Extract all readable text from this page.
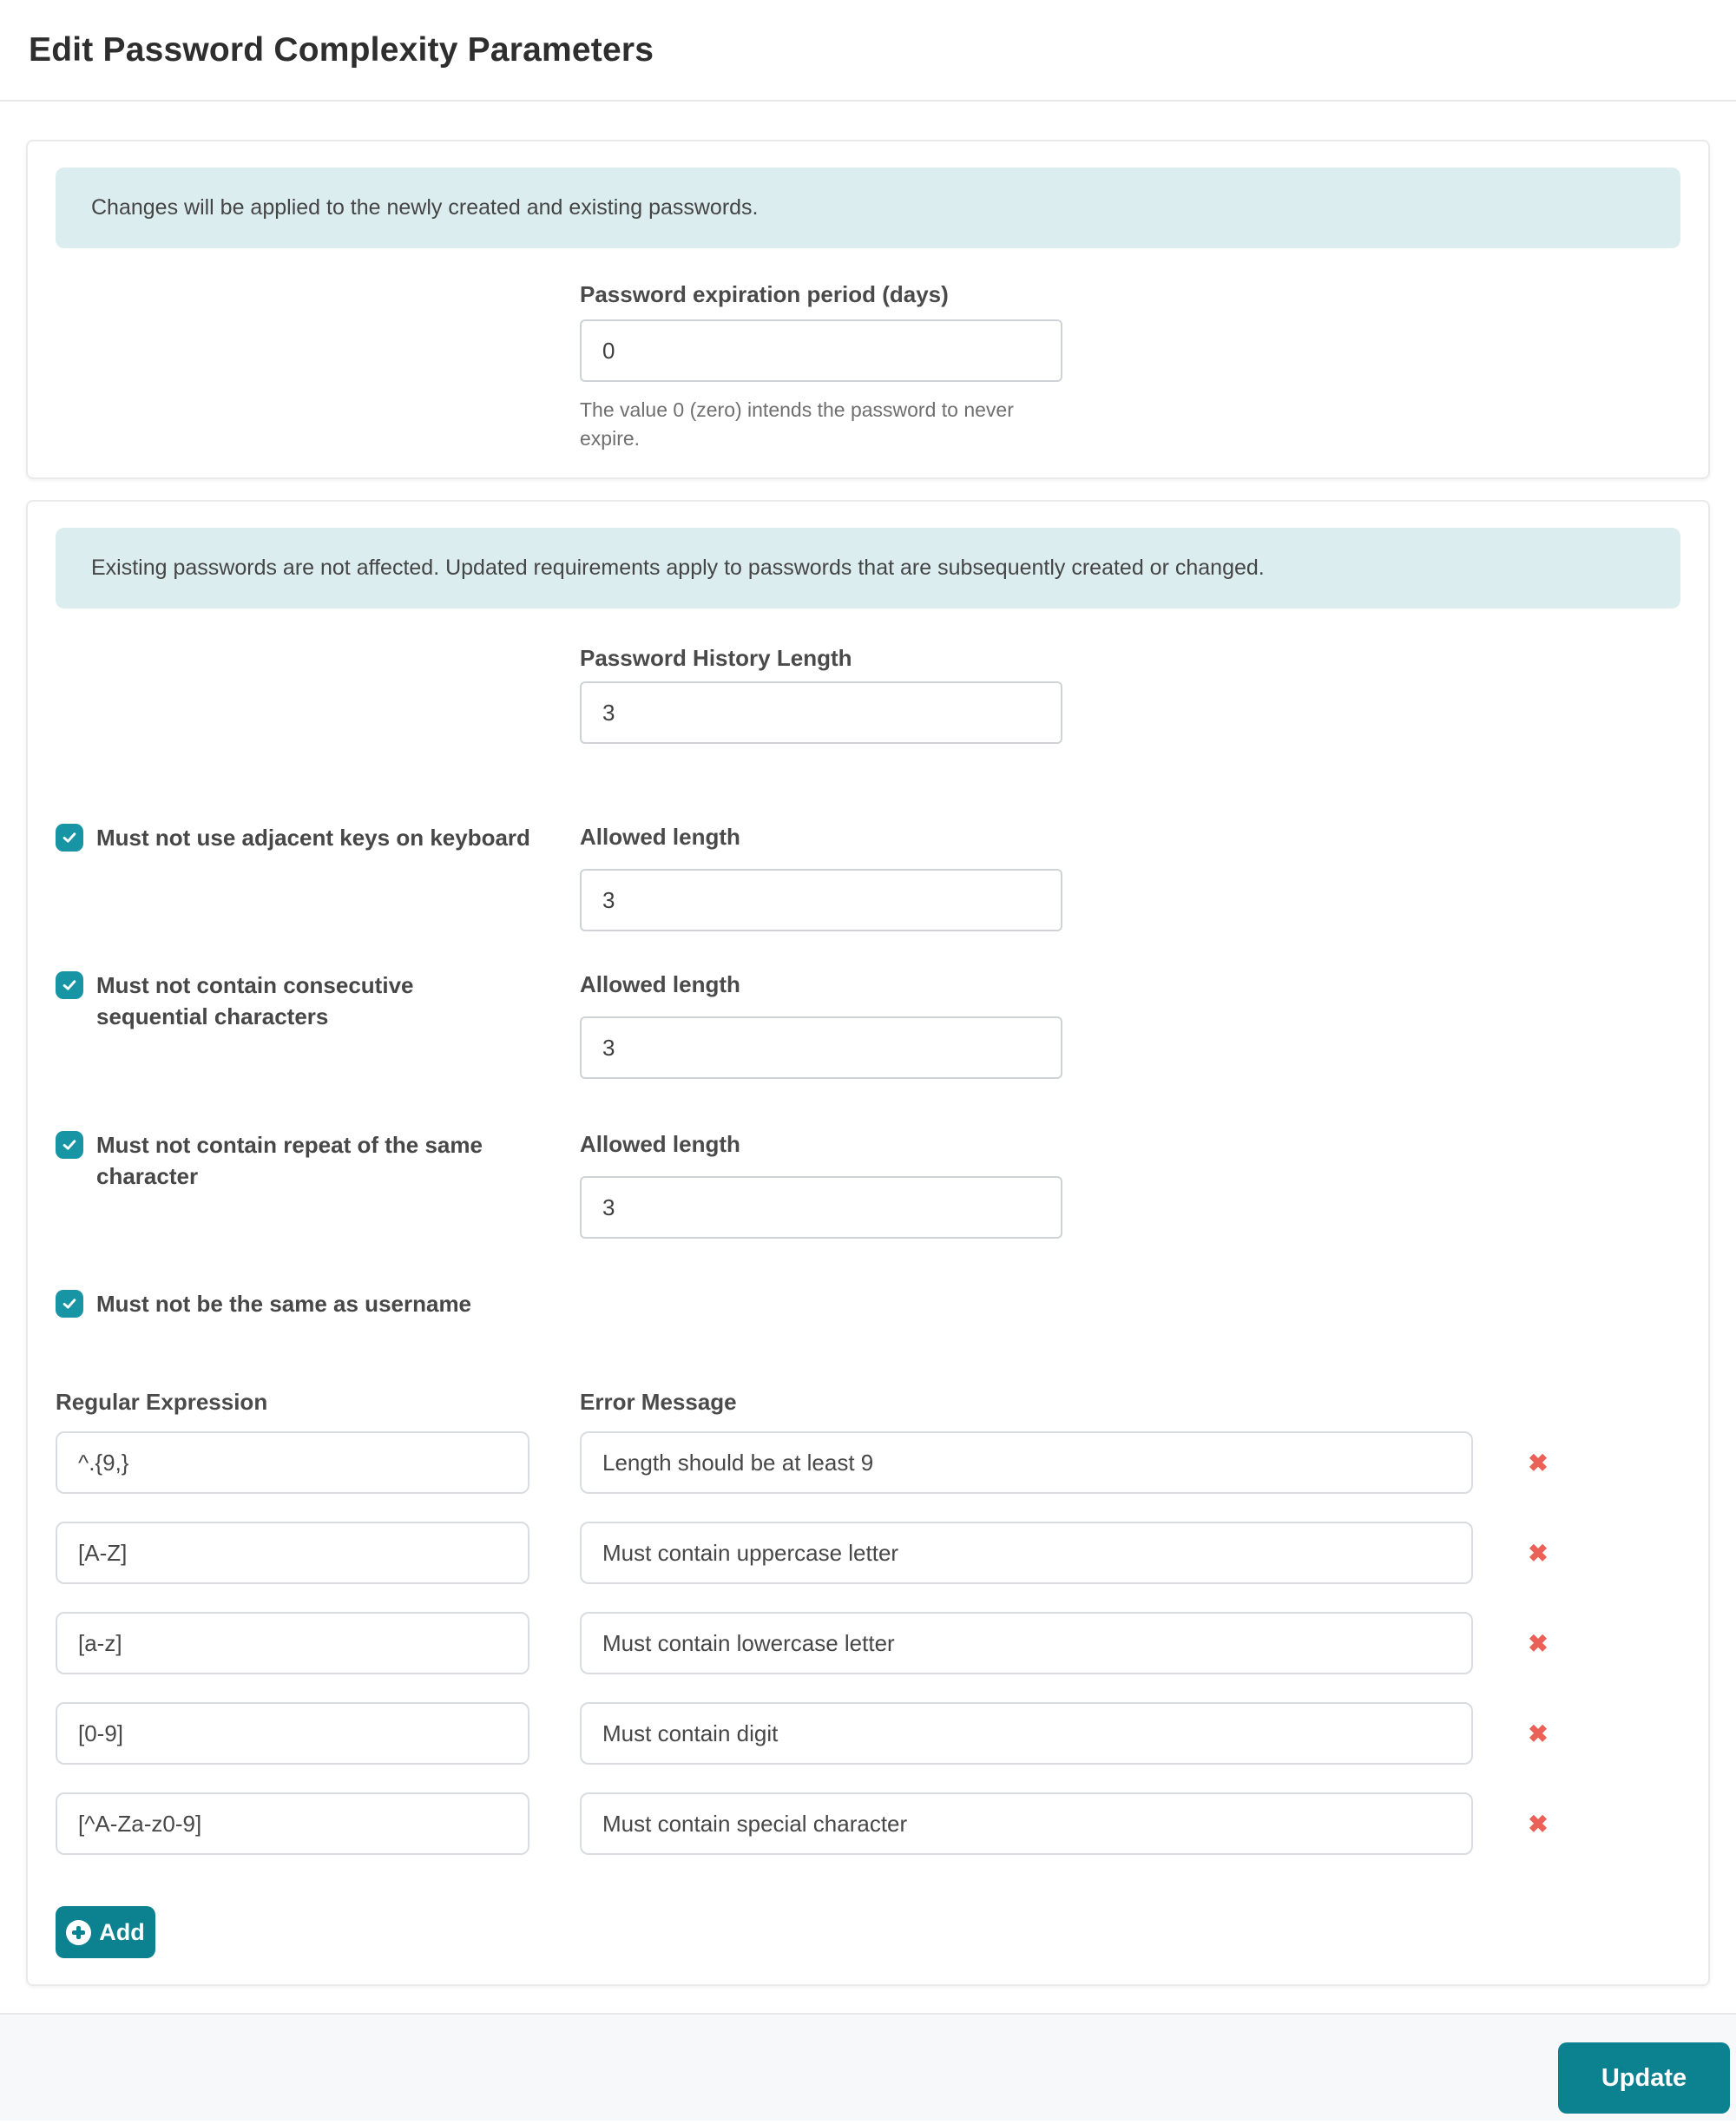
Edit Password Complexity Parameters
Changes will be applied to the newly created and existing passwords.
Password expiration period (days)
0
The value 0 (zero) intends the password to never
expire.
Existing passwords are not affected. Updated requirements apply to passwords that are subsequently created or changed.
Password History Length
3
Must not use adjacent keys on keyboard Allowed length
3
Must not contain consecutive
sequential characters
Allowed length
3
Must not contain repeat of the same
character
Allowed length
3
Must not be the same as username
Regular Expression	Error Message
^.{9,}
Length should be at least 9
✖
[A-Z]
Must contain uppercase letter
✖
[a-z]
Must contain lowercase letter
✖
[0-9]
Must contain digit
✖
[^A-Za-z0-9]
Must contain special character
✖
Add
Update
